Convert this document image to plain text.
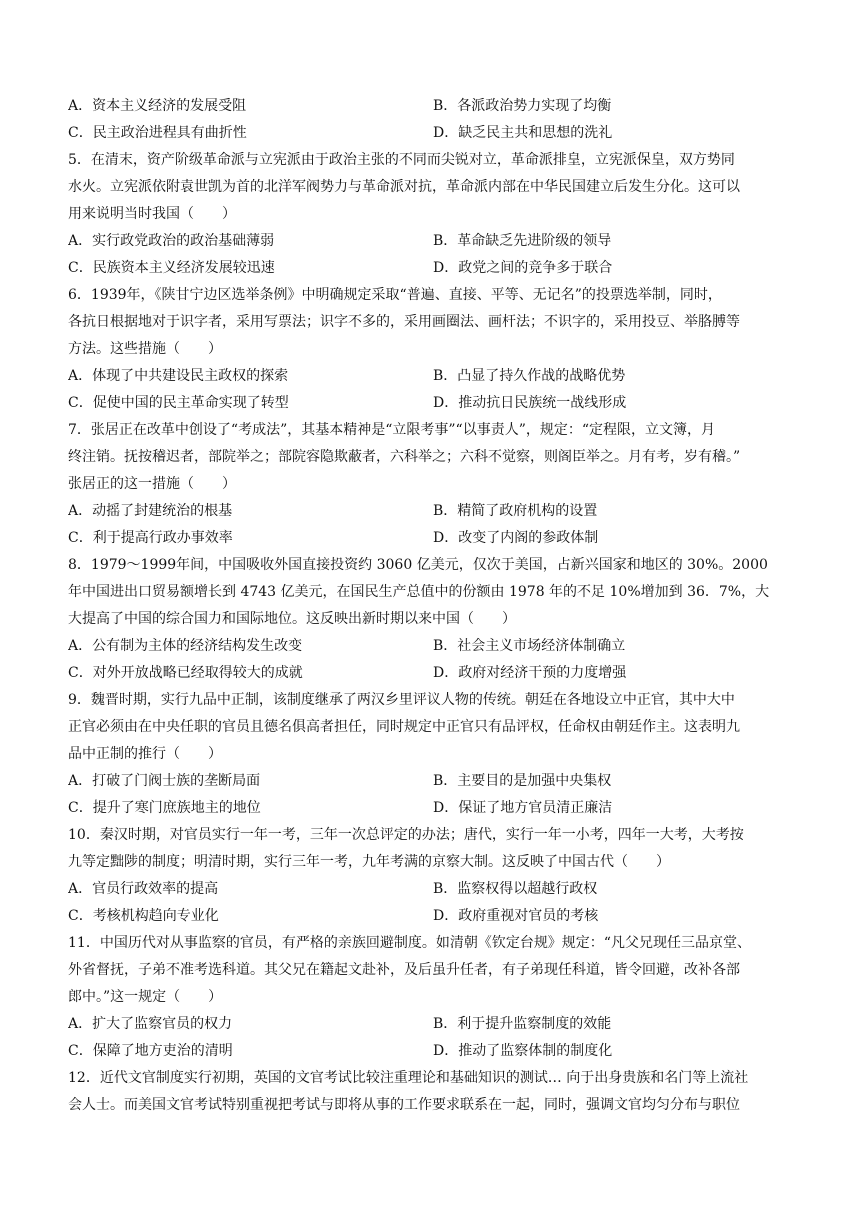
A．资本主义经济的发展受阻	B．各派政治势力实现了均衡
C．民主政治进程具有曲折性	D．缺乏民主共和思想的洗礼
5．在清末，资产阶级革命派与立宪派由于政治主张的不同而尖锐对立，革命派排皇，立宪派保皇，双方势同
水火。立宪派依附袁世凯为首的北洋军阀势力与革命派对抗，革命派内部在中华民国建立后发生分化。这可以
用来说明当时我国（　　）
A．实行政党政治的政治基础薄弱	B．革命缺乏先进阶级的领导
C．民族资本主义经济发展较迅速	D．政党之间的竞争多于联合
6．1939年，《陕甘宁边区选举条例》中明确规定采取“普遍、直接、平等、无记名”的投票选举制，同时，
各抗日根据地对于识字者，采用写票法；识字不多的，采用画圈法、画杆法；不识字的，采用投豆、举胳膊等
方法。这些措施（　　）
A．体现了中共建设民主政权的探索	B．凸显了持久作战的战略优势
C．促使中国的民主革命实现了转型	D．推动抗日民族统一战线形成
7．张居正在改革中创设了“考成法”，其基本精神是“立限考事”“以事责人”，规定：“定程限，立文簿，月
终注销。抚按稽迟者，部院举之；部院容隐欺蔽者，六科举之；六科不觉察，则阁臣举之。月有考，岁有稽。”
张居正的这一措施（　　）
A．动摇了封建统治的根基	B．精简了政府机构的设置
C．利于提高行政办事效率	D．改变了内阁的参政体制
8．1979～1999年间，中国吸收外国直接投资约 3060 亿美元，仅次于美国，占新兴国家和地区的 30%。2000
年中国进出口贸易额增长到 4743 亿美元，在国民生产总值中的份额由 1978 年的不足 10%增加到 36．7%，大
大提高了中国的综合国力和国际地位。这反映出新时期以来中国（　　）
A．公有制为主体的经济结构发生改变	B．社会主义市场经济体制确立
C．对外开放战略已经取得较大的成就	D．政府对经济干预的力度增强
9．魏晋时期，实行九品中正制，该制度继承了两汉乡里评议人物的传统。朝廷在各地设立中正官，其中大中
正官必须由在中央任职的官员且德名俱高者担任，同时规定中正官只有品评权，任命权由朝廷作主。这表明九
品中正制的推行（　　）
A．打破了门阀士族的垄断局面	B．主要目的是加强中央集权
C．提升了寒门庶族地主的地位	D．保证了地方官员清正廉洁
10．秦汉时期，对官员实行一年一考，三年一次总评定的办法；唐代，实行一年一小考，四年一大考，大考按
九等定黜陟的制度；明清时期，实行三年一考，九年考满的京察大制。这反映了中国古代（　　）
A．官员行政效率的提高	B．监察权得以超越行政权
C．考核机构趋向专业化	D．政府重视对官员的考核
11．中国历代对从事监察的官员，有严格的亲族回避制度。如清朝《钦定台规》规定：“凡父兄现任三品京堂、
外省督抚，子弟不准考选科道。其父兄在籍起文赴补，及后虽升任者，有子弟现任科道，皆令回避，改补各部
郎中。”这一规定（　　）
A．扩大了监察官员的权力	B．利于提升监察制度的效能
C．保障了地方吏治的清明	D．推动了监察体制的制度化
12．近代文官制度实行初期，英国的文官考试比较注重理论和基础知识的测试… 向于出身贵族和名门等上流社
会人士。而美国文官考试特别重视把考试与即将从事的工作要求联系在一起，同时，强调文官均匀分布与职位
